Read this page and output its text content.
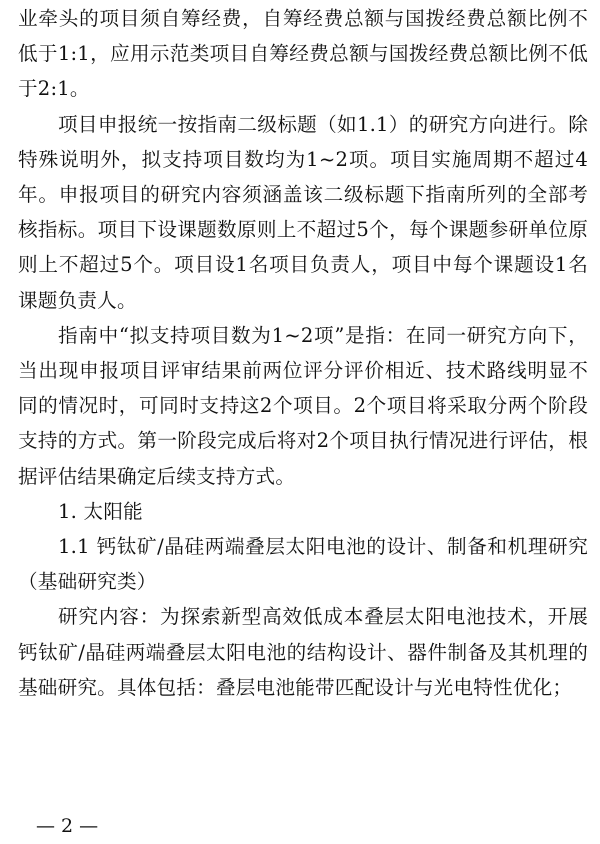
业牵头的项目须自筹经费，自筹经费总额与国拨经费总额比例不低于1:1，应用示范类项目自筹经费总额与国拨经费总额比例不低于2:1。

项目申报统一按指南二级标题（如1.1）的研究方向进行。除特殊说明外，拟支持项目数均为1~2项。项目实施周期不超过4年。申报项目的研究内容须涵盖该二级标题下指南所列的全部考核指标。项目下设课题数原则上不超过5个，每个课题参研单位原则上不超过5个。项目设1名项目负责人，项目中每个课题设1名课题负责人。

指南中“拟支持项目数为1~2项”是指：在同一研究方向下，当出现申报项目评审结果前两位评分评价相近、技术路线明显不同的情况时，可同时支持这2个项目。2个项目将采取分两个阶段支持的方式。第一阶段完成后将对2个项目执行情况进行评估，根据评估结果确定后续支持方式。

1. 太阳能

1.1 钙钛矿/晶硅两端叠层太阳电池的设计、制备和机理研究（基础研究类）

研究内容：为探索新型高效低成本叠层太阳电池技术，开展钙钛矿/晶硅两端叠层太阳电池的结构设计、器件制备及其机理的基础研究。具体包括：叠层电池能带匹配设计与光电特性优化；

— 2 —
